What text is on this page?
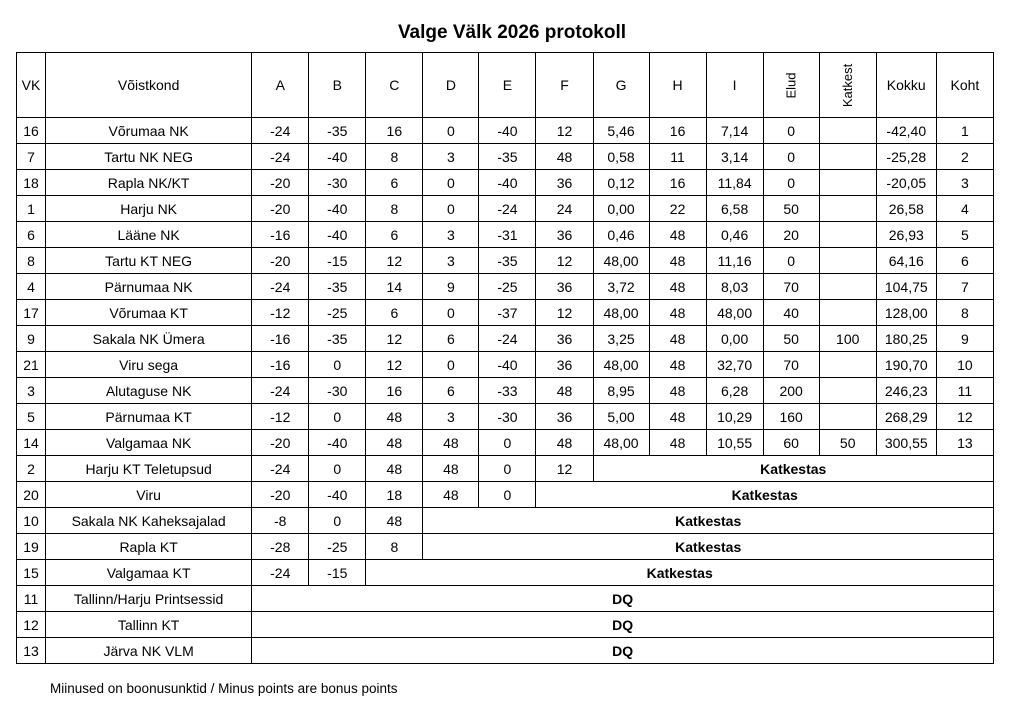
Valge Välk 2026 protokoll
VK	Võistkond	A	B	C	D	E	F	G	H	I	Elud	Katkest	Kokku	Koht
16	Võrumaa NK	-24	-35	16	0	-40	12	5,46	16	7,14	0		-42,40	1
7	Tartu NK NEG	-24	-40	8	3	-35	48	0,58	11	3,14	0		-25,28	2
18	Rapla NK/KT	-20	-30	6	0	-40	36	0,12	16	11,84	0		-20,05	3
1	Harju NK	-20	-40	8	0	-24	24	0,00	22	6,58	50		26,58	4
6	Lääne NK	-16	-40	6	3	-31	36	0,46	48	0,46	20		26,93	5
8	Tartu KT NEG	-20	-15	12	3	-35	12	48,00	48	11,16	0		64,16	6
4	Pärnumaa NK	-24	-35	14	9	-25	36	3,72	48	8,03	70		104,75	7
17	Võrumaa KT	-12	-25	6	0	-37	12	48,00	48	48,00	40		128,00	8
9	Sakala NK Ümera	-16	-35	12	6	-24	36	3,25	48	0,00	50	100	180,25	9
21	Viru sega	-16	0	12	0	-40	36	48,00	48	32,70	70		190,70	10
3	Alutaguse NK	-24	-30	16	6	-33	48	8,95	48	6,28	200		246,23	11
5	Pärnumaa KT	-12	0	48	3	-30	36	5,00	48	10,29	160		268,29	12
14	Valgamaa NK	-20	-40	48	48	0	48	48,00	48	10,55	60	50	300,55	13
2	Harju KT Teletupsud	-24	0	48	48	0	12	Katkestas						
20	Viru	-20	-40	18	48	0	Katkestas							
10	Sakala NK Kaheksajalad	-8	0	48	Katkestas									
19	Rapla KT	-28	-25	8	Katkestas									
15	Valgamaa KT	-24	-15	Katkestas										
11	Tallinn/Harju Printsessid	DQ												
12	Tallinn KT	DQ												
13	Järva NK VLM	DQ												
Miinused on boonusunktid / Minus points are bonus points
